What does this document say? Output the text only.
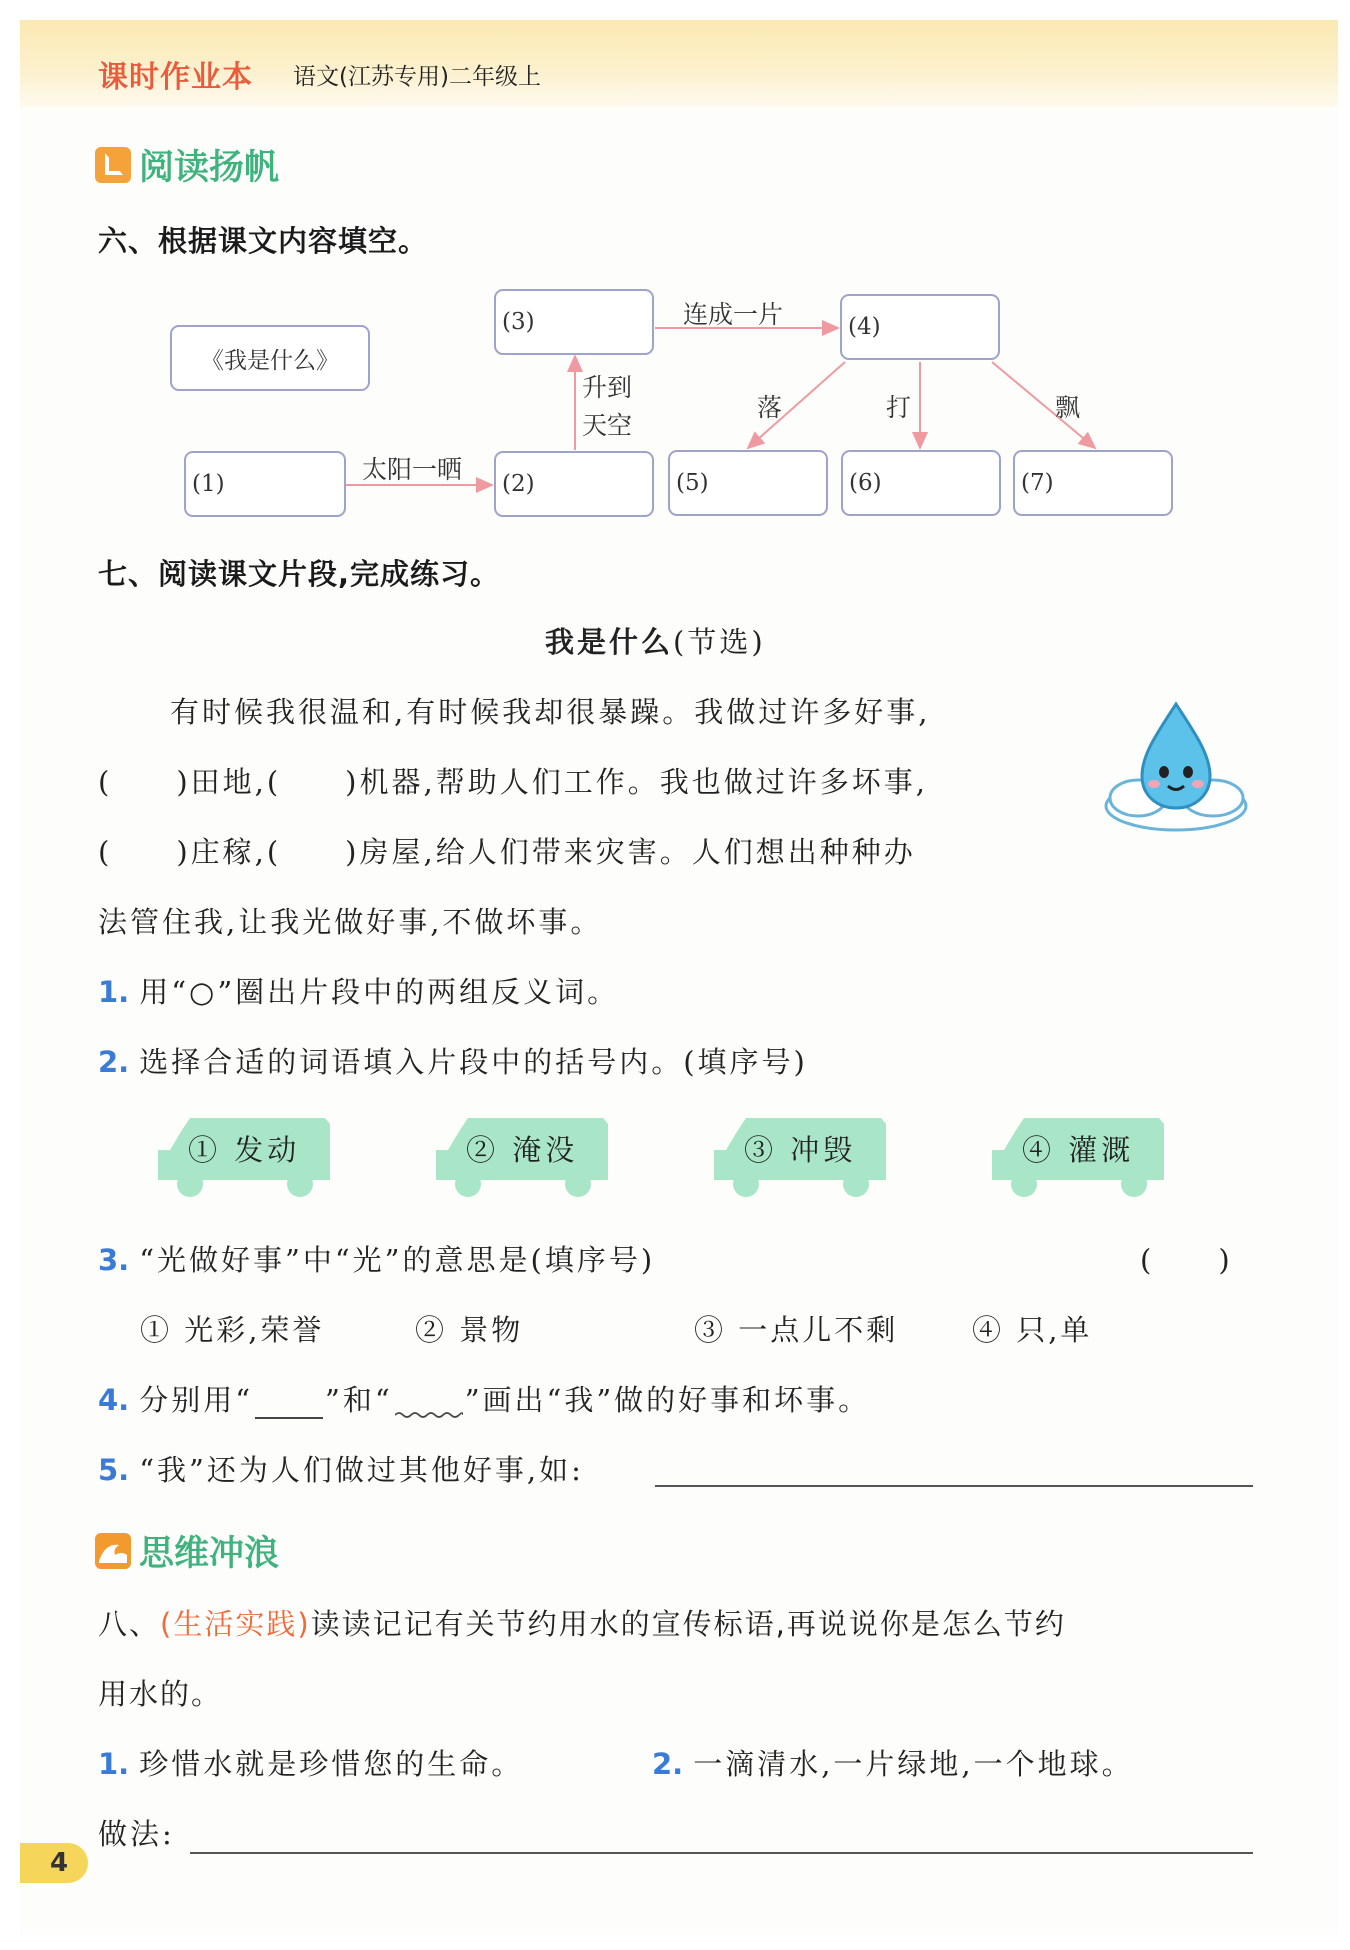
课时作业本 语文(江苏专用)二年级上
阅读扬帆
六、根据课文内容填空。
《我是什么》
(1)	(2)
(3)	(4)
(5)	(6)	(7)
太阳一晒
升到
天空
连成一片
落	打	飘
七、阅读课文片段,完成练习。
我是什么(节选)
有时候我很温和,有时候我却很暴躁。我做过许多好事,
(　　)田地,(　　)机器,帮助人们工作。我也做过许多坏事,
(　　)庄稼,(　　)房屋,给人们带来灾害。人们想出种种办
法管住我,让我光做好事,不做坏事。
1. 用“○”圈出片段中的两组反义词。
2. 选择合适的词语填入片段中的括号内。(填序号)
① 发动	② 淹没	③ 冲毁	④ 灌溉
3. “光做好事”中“光”的意思是(填序号)	(　　)
① 光彩,荣誉	② 景物	③ 一点儿不剩	④ 只,单
4. 分别用“ ”和“ ”画出“我”做的好事和坏事。
5. “我”还为人们做过其他好事,如:
思维冲浪
八、(生活实践)读读记记有关节约用水的宣传标语,再说说你是怎么节约
用水的。
1. 珍惜水就是珍惜您的生命。	2. 一滴清水,一片绿地,一个地球。
做法:
4
